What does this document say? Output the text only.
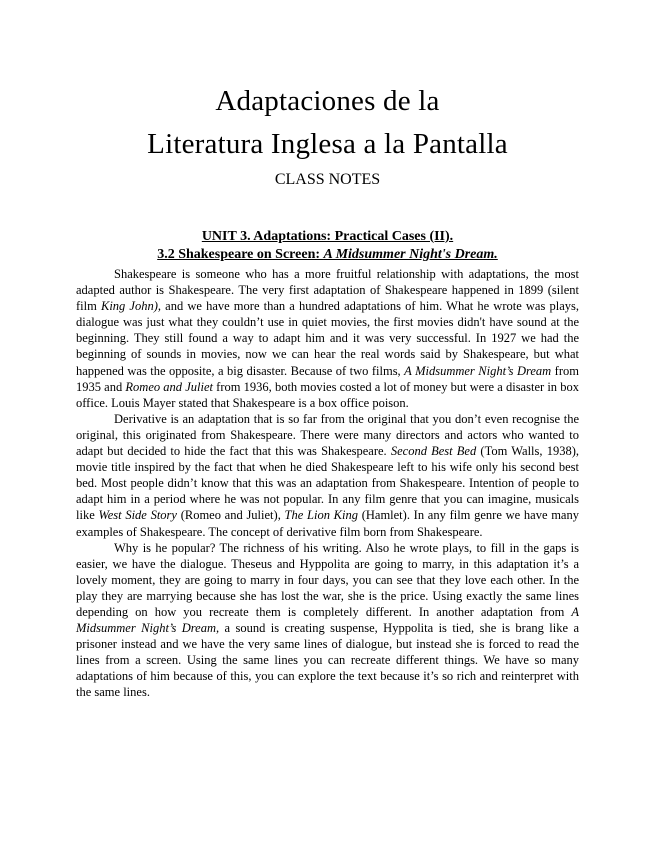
Adaptaciones de la
Literatura Inglesa a la Pantalla
CLASS NOTES
UNIT 3. Adaptations: Practical Cases (II).
3.2 Shakespeare on Screen: A Midsummer Night's Dream.

Shakespeare is someone who has a more fruitful relationship with adaptations, the most adapted author is Shakespeare. The very first adaptation of Shakespeare happened in 1899 (silent film King John), and we have more than a hundred adaptations of him. What he wrote was plays, dialogue was just what they couldn’t use in quiet movies, the first movies didn't have sound at the beginning. They still found a way to adapt him and it was very successful. In 1927 we had the beginning of sounds in movies, now we can hear the real words said by Shakespeare, but what happened was the opposite, a big disaster. Because of two films, A Midsummer Night’s Dream from 1935 and Romeo and Juliet from 1936, both movies costed a lot of money but were a disaster in box office. Louis Mayer stated that Shakespeare is a box office poison.

Derivative is an adaptation that is so far from the original that you don’t even recognise the original, this originated from Shakespeare. There were many directors and actors who wanted to adapt but decided to hide the fact that this was Shakespeare. Second Best Bed (Tom Walls, 1938), movie title inspired by the fact that when he died Shakespeare left to his wife only his second best bed. Most people didn’t know that this was an adaptation from Shakespeare. Intention of people to adapt him in a period where he was not popular. In any film genre that you can imagine, musicals like West Side Story (Romeo and Juliet), The Lion King (Hamlet). In any film genre we have many examples of Shakespeare. The concept of derivative film born from Shakespeare.

Why is he popular? The richness of his writing. Also he wrote plays, to fill in the gaps is easier, we have the dialogue. Theseus and Hyppolita are going to marry, in this adaptation it’s a lovely moment, they are going to marry in four days, you can see that they love each other. In the play they are marrying because she has lost the war, she is the price. Using exactly the same lines depending on how you recreate them is completely different. In another adaptation from A Midsummer Night’s Dream, a sound is creating suspense, Hyppolita is tied, she is brang like a prisoner instead and we have the very same lines of dialogue, but instead she is forced to read the lines from a screen. Using the same lines you can recreate different things. We have so many adaptations of him because of this, you can explore the text because it’s so rich and reinterpret with the same lines.
